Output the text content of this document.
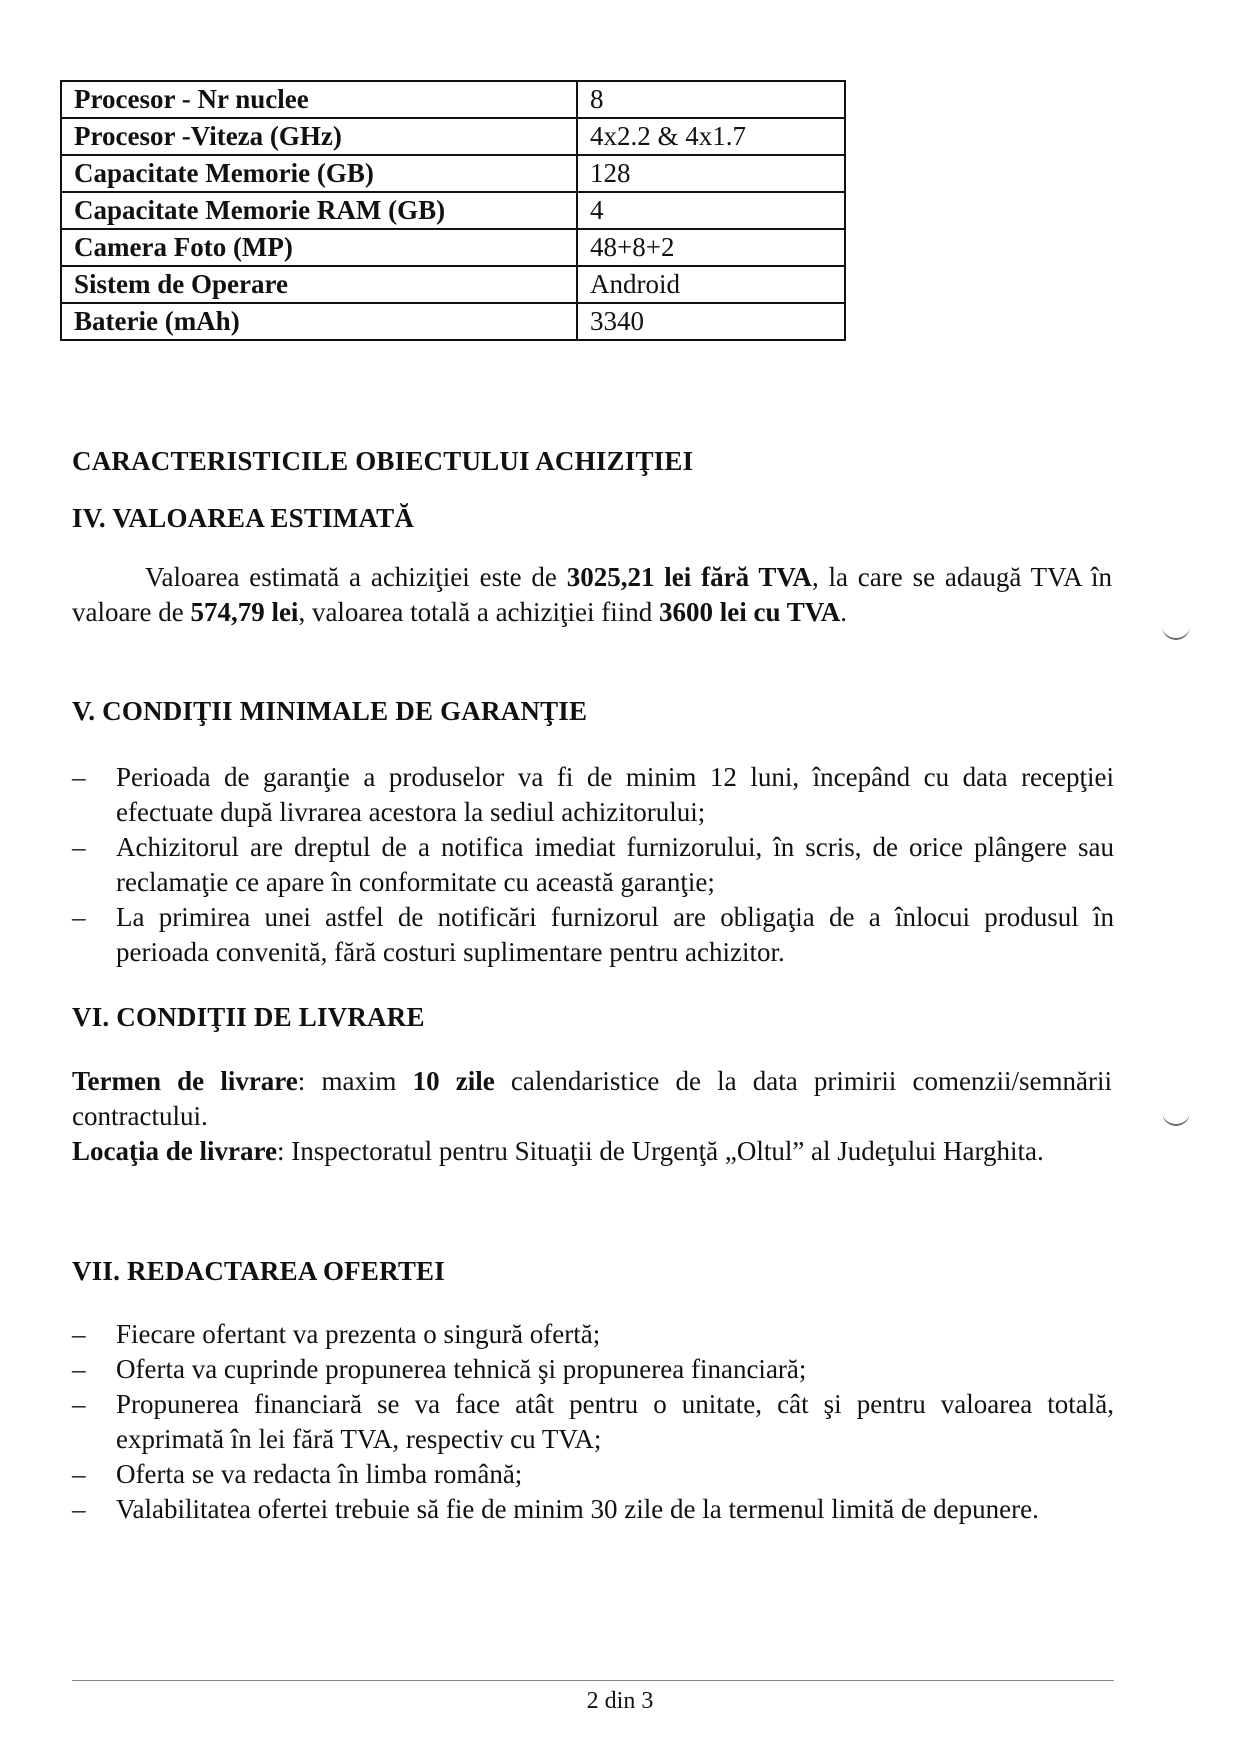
Procesor - Nr nuclee	8
Procesor -Viteza (GHz)	4x2.2 & 4x1.7
Capacitate Memorie (GB)	128
Capacitate Memorie RAM (GB)	4
Camera Foto (MP)	48+8+2
Sistem de Operare	Android
Baterie (mAh)	3340
CARACTERISTICILE OBIECTULUI ACHIZIŢIEI
IV. VALOAREA ESTIMATĂ
Valoarea estimată a achiziţiei este de 3025,21 lei fără TVA, la care se adaugă TVA în valoare de 574,79 lei, valoarea totală a achiziţiei fiind 3600 lei cu TVA.
V. CONDIŢII MINIMALE DE GARANŢIE
– Perioada de garanţie a produselor va fi de minim 12 luni, începând cu data recepţiei efectuate după livrarea acestora la sediul achizitorului;
– Achizitorul are dreptul de a notifica imediat furnizorului, în scris, de orice plângere sau reclamaţie ce apare în conformitate cu această garanţie;
– La primirea unei astfel de notificări furnizorul are obligaţia de a înlocui produsul în perioada convenită, fără costuri suplimentare pentru achizitor.
VI. CONDIŢII DE LIVRARE
Termen de livrare: maxim 10 zile calendaristice de la data primirii comenzii/semnării contractului.
Locaţia de livrare: Inspectoratul pentru Situaţii de Urgenţă „Oltul” al Judeţului Harghita.
VII. REDACTAREA OFERTEI
– Fiecare ofertant va prezenta o singură ofertă;
– Oferta va cuprinde propunerea tehnică şi propunerea financiară;
– Propunerea financiară se va face atât pentru o unitate, cât şi pentru valoarea totală, exprimată în lei fără TVA, respectiv cu TVA;
– Oferta se va redacta în limba română;
– Valabilitatea ofertei trebuie să fie de minim 30 zile de la termenul limită de depunere.
2 din 3
